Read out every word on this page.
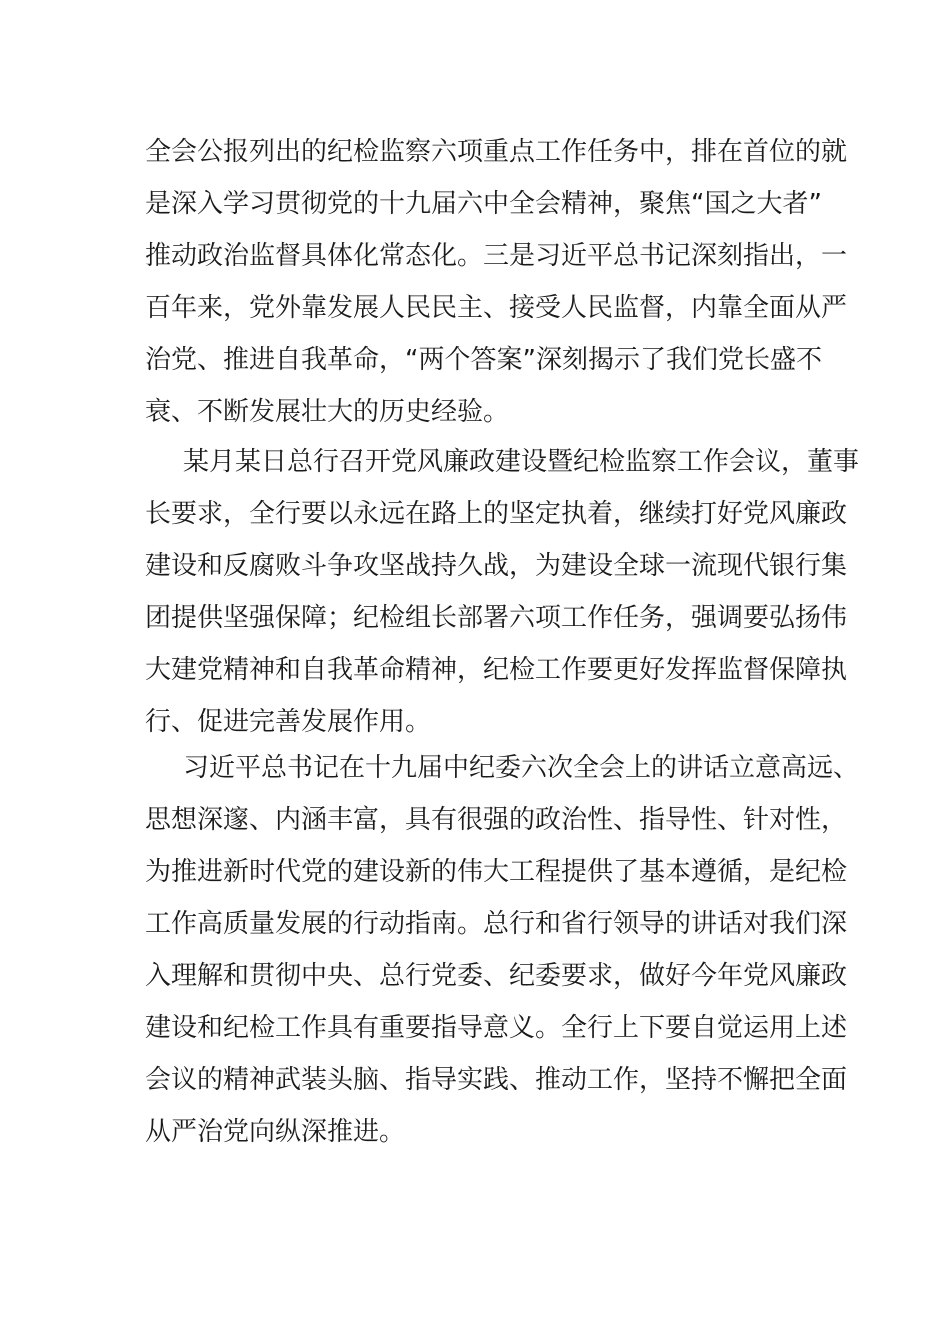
全会公报列出的纪检监察六项重点工作任务中，排在首位的就
是深入学习贯彻党的十九届六中全会精神，聚焦“国之大者”
推动政治监督具体化常态化。三是习近平总书记深刻指出，一
百年来，党外靠发展人民民主、接受人民监督，内靠全面从严
治党、推进自我革命，“两个答案”深刻揭示了我们党长盛不
衰、不断发展壮大的历史经验。
某月某日总行召开党风廉政建设暨纪检监察工作会议，董事
长要求，全行要以永远在路上的坚定执着，继续打好党风廉政
建设和反腐败斗争攻坚战持久战，为建设全球一流现代银行集
团提供坚强保障；纪检组长部署六项工作任务，强调要弘扬伟
大建党精神和自我革命精神，纪检工作要更好发挥监督保障执
行、促进完善发展作用。
习近平总书记在十九届中纪委六次全会上的讲话立意高远、
思想深邃、内涵丰富，具有很强的政治性、指导性、针对性，
为推进新时代党的建设新的伟大工程提供了基本遵循，是纪检
工作高质量发展的行动指南。总行和省行领导的讲话对我们深
入理解和贯彻中央、总行党委、纪委要求，做好今年党风廉政
建设和纪检工作具有重要指导意义。全行上下要自觉运用上述
会议的精神武装头脑、指导实践、推动工作，坚持不懈把全面
从严治党向纵深推进。
